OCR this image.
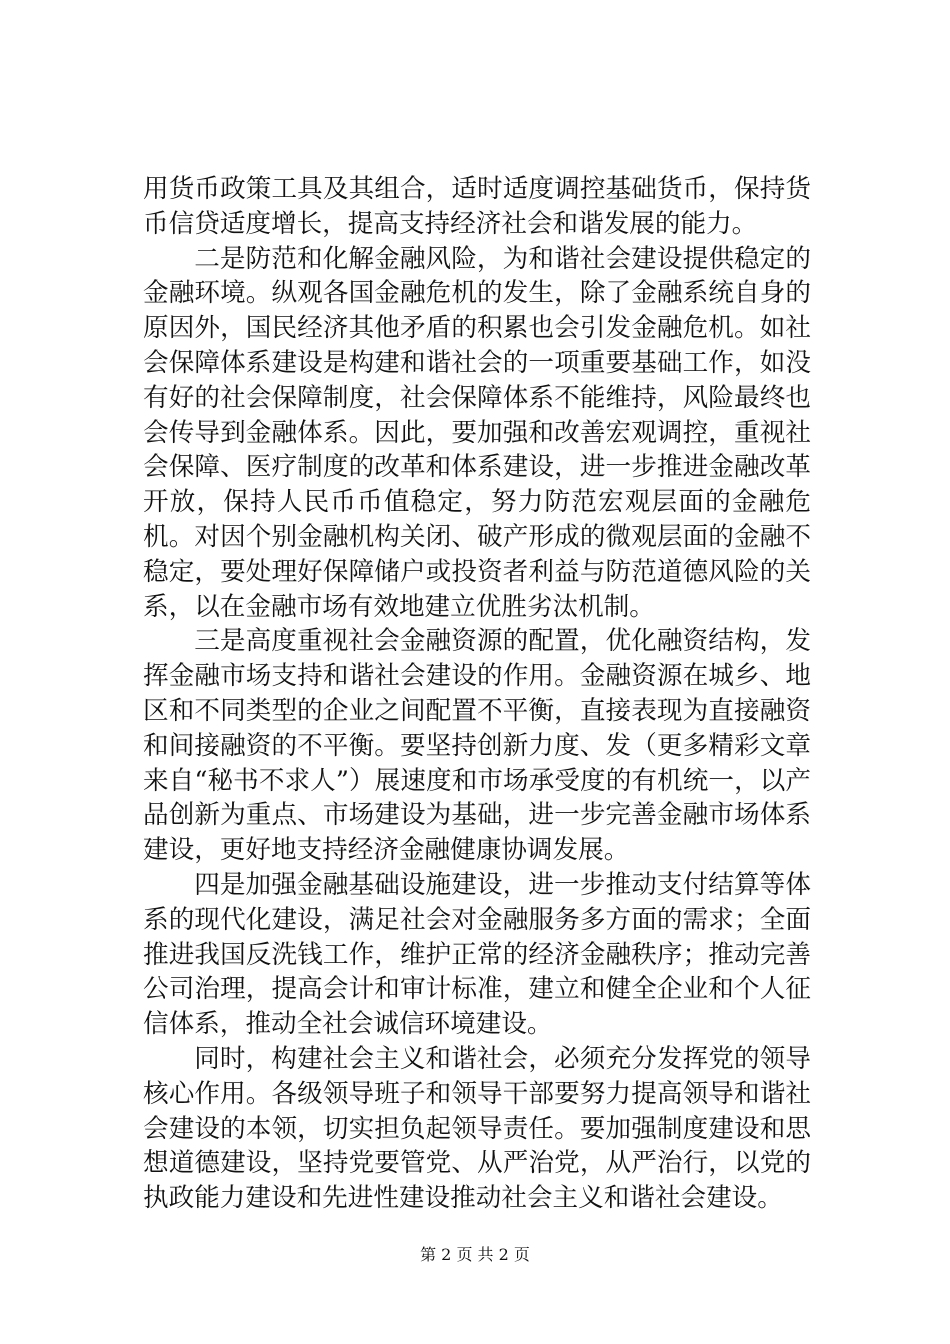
用货币政策工具及其组合，适时适度调控基础货币，保持货币信贷适度增长，提高支持经济社会和谐发展的能力。

二是防范和化解金融风险，为和谐社会建设提供稳定的金融环境。纵观各国金融危机的发生，除了金融系统自身的原因外，国民经济其他矛盾的积累也会引发金融危机。如社会保障体系建设是构建和谐社会的一项重要基础工作，如没有好的社会保障制度，社会保障体系不能维持，风险最终也会传导到金融体系。因此，要加强和改善宏观调控，重视社会保障、医疗制度的改革和体系建设，进一步推进金融改革开放，保持人民币币值稳定，努力防范宏观层面的金融危机。对因个别金融机构关闭、破产形成的微观层面的金融不稳定，要处理好保障储户或投资者利益与防范道德风险的关系，以在金融市场有效地建立优胜劣汰机制。

三是高度重视社会金融资源的配置，优化融资结构，发挥金融市场支持和谐社会建设的作用。金融资源在城乡、地区和不同类型的企业之间配置不平衡，直接表现为直接融资和间接融资的不平衡。要坚持创新力度、发（更多精彩文章来自“秘书不求人”）展速度和市场承受度的有机统一，以产品创新为重点、市场建设为基础，进一步完善金融市场体系建设，更好地支持经济金融健康协调发展。

四是加强金融基础设施建设，进一步推动支付结算等体系的现代化建设，满足社会对金融服务多方面的需求；全面推进我国反洗钱工作，维护正常的经济金融秩序；推动完善公司治理，提高会计和审计标准，建立和健全企业和个人征信体系，推动全社会诚信环境建设。

同时，构建社会主义和谐社会，必须充分发挥党的领导核心作用。各级领导班子和领导干部要努力提高领导和谐社会建设的本领，切实担负起领导责任。要加强制度建设和思想道德建设，坚持党要管党、从严治党，从严治行，以党的执政能力建设和先进性建设推动社会主义和谐社会建设。

第 2 页 共 2 页
